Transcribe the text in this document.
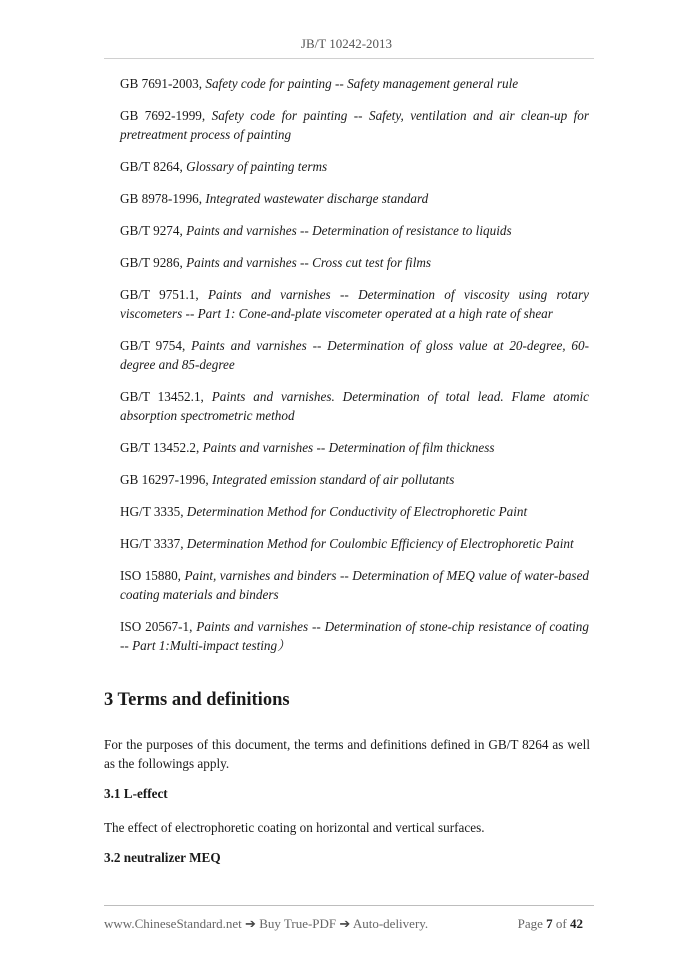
JB/T 10242-2013

GB 7691-2003, Safety code for painting -- Safety management general rule

GB 7692-1999, Safety code for painting -- Safety, ventilation and air clean-up for pretreatment process of painting

GB/T 8264, Glossary of painting terms

GB 8978-1996, Integrated wastewater discharge standard

GB/T 9274, Paints and varnishes -- Determination of resistance to liquids

GB/T 9286, Paints and varnishes -- Cross cut test for films

GB/T 9751.1, Paints and varnishes -- Determination of viscosity using rotary viscometers -- Part 1: Cone-and-plate viscometer operated at a high rate of shear

GB/T 9754, Paints and varnishes -- Determination of gloss value at 20-degree, 60-degree and 85-degree

GB/T 13452.1, Paints and varnishes. Determination of total lead. Flame atomic absorption spectrometric method

GB/T 13452.2, Paints and varnishes -- Determination of film thickness

GB 16297-1996, Integrated emission standard of air pollutants

HG/T 3335, Determination Method for Conductivity of Electrophoretic Paint

HG/T 3337, Determination Method for Coulombic Efficiency of Electrophoretic Paint

ISO 15880, Paint, varnishes and binders -- Determination of MEQ value of water-based coating materials and binders

ISO 20567-1, Paints and varnishes -- Determination of stone-chip resistance of coating -- Part 1:Multi-impact testing）

3 Terms and definitions
For the purposes of this document, the terms and definitions defined in GB/T 8264 as well as the followings apply.
3.1 L-effect
The effect of electrophoretic coating on horizontal and vertical surfaces.
3.2 neutralizer MEQ
www.ChineseStandard.net ➔ Buy True-PDF ➔ Auto-delivery.	Page 7 of 42
